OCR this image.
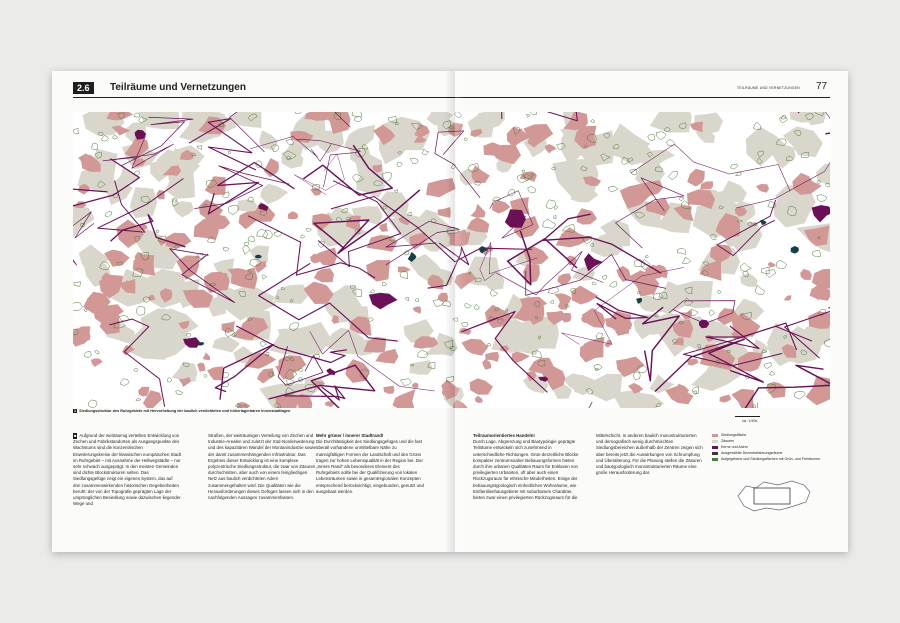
2.6	Teilräume und Vernetzungen	TEILRÄUME UND VERNETZUNGEN 77
1 Siedlungsstruktur des Ruhrgebiets mit Hervorhebung der baulich verdichteten und höherlagerbaren Innenstadtlagen
ca. 1:50k

■ Aufgrund der weiträumig verteilten Entwicklung von Zechen und Fabrikstandorten als Ausgangspunkte des Wachstums sind die konzentrischen Erweiterungskreise der klassischen europäischen Stadt im Ruhrgebiet – mit Ausnahme der Hellwegstädte – nur sehr schwach ausgeprägt. In den meisten Gemeinden sind dichte Blockstrukturen selten. Das Siedlungsgefüge zeigt ein eigenes System, das auf drei zusammenwirkenden historischen Gegebenheiten beruht: der von der Topografie geprägten Lage der ursprünglichen Besiedlung sowie dazwischen liegender Wege und

Straßen, der weiträumigen Verteilung von Zechen und Industrie-Arealen und zuletzt der Süd-Norderweiterung und des kapazitären Wandel der Montanindustrie sowie der damit zusammenhängenden Infrastruktur. Das Ergebnis dieser Entwicklung ist eine komplexe polyzentrische Siedlungsstruktur, die zwar von Zäsuren durchschnitten, aber auch von einem feingliedrigen Netz aus baulich verdichteten Adern zusammengehalten wird. Die Qualitäten wie die Herausforderungen dieses Gefüges lassen sich in den nachfolgenden Aussagen zusammenfassen.

Mehr grüner / innerer Stadtrand!

Die Durchlässigkeit des Siedlungsgefüges und die fast überall vorhandene unmittelbare Nähe zu mannigfaltigen Formen der Landschaft und des Grüns tragen zur hohen Lebensqualität in der Region bei. Der „Innere Rand“ als besonderes Element des Ruhrgebiets sollte bei der Qualifizierung von lokalen Lebensräumen sowie in gesamtregionalen Konzepten entsprechend berücksichtigt, eingebunden, genutzt und ausgebaut werden.

Teilraumorientiertes Handeln!

Durch Lage, Abgrenzung und Bautypologie geprägte Teilräume entwickeln sich zunehmend in unterschiedliche Richtungen. Grün-derzeitliche Blöcke kompakter zentrumsnaher Bebauungsformen bieten durch ihre urbanen Qualitäten Raum für Enklaven von privilegierten Urbaniten, oft aber auch einen Rückzugsraum für ethnische Minderheiten. Einige der bebauungstypologisch einheitlichen Wohnräume, wie Einfamilienhausgebiete mit suburbanem Charakter, bieten zwar einen privilegierten Rückzugsraum für die

Mittelschicht. In anderen baulich monostrukturierten und demografisch wenig durchmischten Siedlungsbereichen außerhalb der Zentren zeigen sich aber bereits jetzt die Auswirkungen von Schrumpfung und Überalterung. Für die Planung stellen die Zäsuren und bautypologisch monostrukturierten Räume eine große Herausforderung dar.

Siedlungsfläche
Zäsuren
Kerne und Adern
Ausgewählte Dezentralisierungsräume
Aufgegebene und Siedlungsflächen mit Grün- und Freiräumen
